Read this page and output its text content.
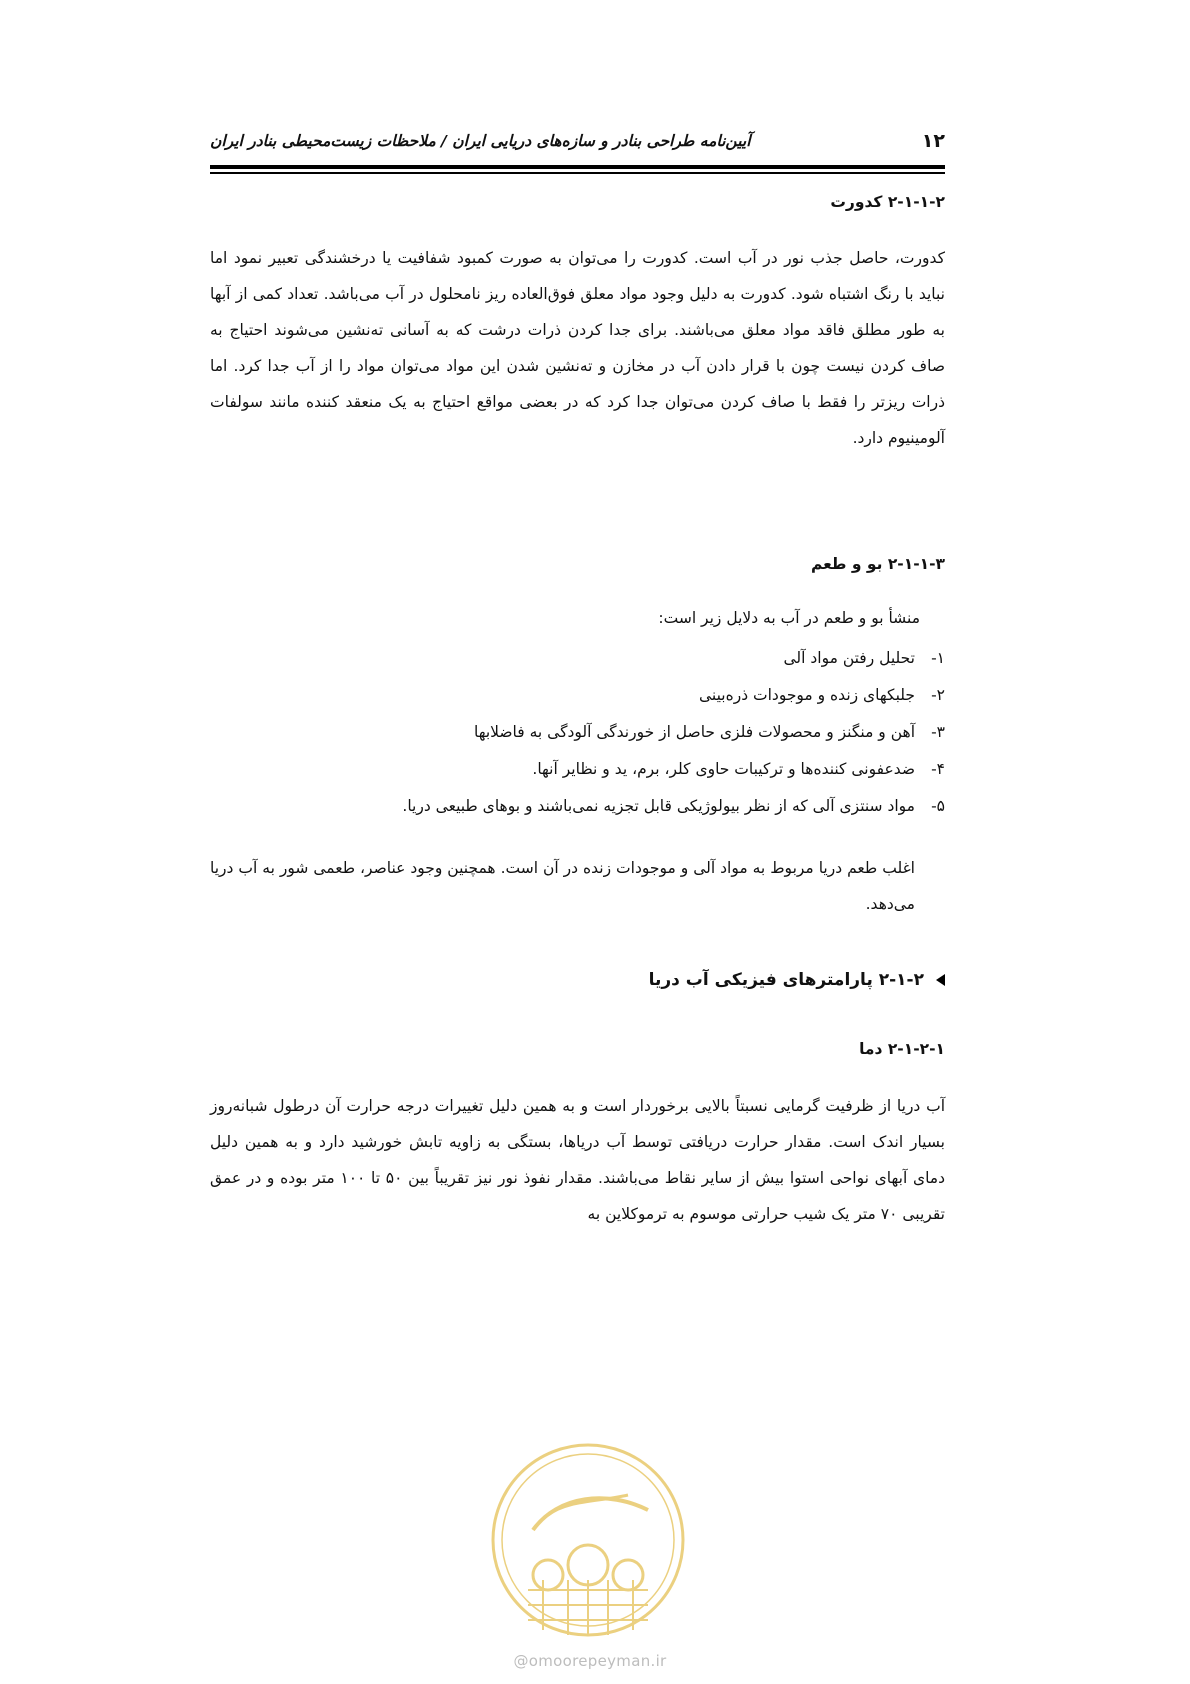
۱۲
آیین‌نامه طراحی بنادر و سازه‌های دریایی ایران / ملاحظات زیست‌محیطی بنادر ایران
۲-۱-۱-۲ کدورت
کدورت، حاصل جذب نور در آب است. کدورت را می‌توان به صورت کمبود شفافیت یا درخشندگی تعبیر نمود اما نباید با رنگ اشتباه شود. کدورت به دلیل وجود مواد معلق فوق‌العاده ریز نامحلول در آب می‌باشد. تعداد کمی از آبها به طور مطلق فاقد مواد معلق می‌باشند. برای جدا کردن ذرات درشت که به آسانی ته‌نشین می‌شوند احتیاج به صاف کردن نیست چون با قرار دادن آب در مخازن و ته‌نشین شدن این مواد می‌توان مواد را از آب جدا کرد. اما ذرات ریزتر را فقط با صاف کردن می‌توان جدا کرد که در بعضی مواقع احتیاج به یک منعقد کننده مانند سولفات آلومینیوم دارد.
۲-۱-۱-۳ بو و طعم
منشأ بو و طعم در آب به دلایل زیر است:
۱-
تحلیل رفتن مواد آلی
۲-
جلبکهای زنده و موجودات ذره‌بینی
۳-
آهن و منگنز و محصولات فلزی حاصل از خورندگی آلودگی به فاضلابها
۴-
ضدعفونی کننده‌ها و ترکیبات حاوی کلر، برم، ید و نظایر آنها.
۵-
مواد سنتزی آلی که از نظر بیولوژیکی قابل تجزیه نمی‌باشند و بوهای طبیعی دریا.
اغلب طعم دریا مربوط به مواد آلی و موجودات زنده در آن است. همچنین وجود عناصر، طعمی شور به آب دریا می‌دهد.
۲-۱-۲ پارامترهای فیزیکی آب دریا
۲-۱-۲-۱ دما
آب دریا از ظرفیت گرمایی نسبتاً بالایی برخوردار است و به همین دلیل تغییرات درجه حرارت آن درطول شبانه‌روز بسیار اندک است. مقدار حرارت دریافتی توسط آب دریاها، بستگی به زاویه تابش خورشید دارد و به همین دلیل دمای آبهای نواحی استوا بیش از سایر نقاط می‌باشند. مقدار نفوذ نور نیز تقریباً بین ۵۰ تا ۱۰۰ متر بوده و در عمق تقریبی ۷۰ متر یک شیب حرارتی موسوم به ترموکلاین به
@omoorepeyman.ir
